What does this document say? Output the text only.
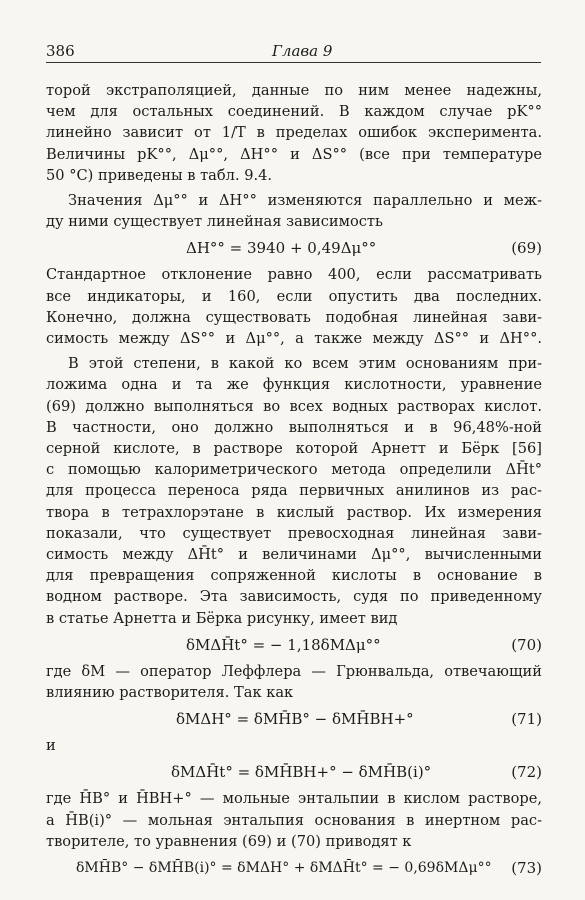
386	Глава 9
торой экстраполяцией, данные по ним менее надежны,
чем для остальных соединений. В каждом случае pK°°
линейно зависит от 1/T в пределах ошибок эксперимента.
Величины pK°°, Δμ°°, ΔH°° и ΔS°° (все при температуре
50 °С) приведены в табл. 9.4.
Значения Δμ°° и ΔH°° изменяются параллельно и меж-
ду ними существует линейная зависимость
ΔH°° = 3940 + 0,49Δμ°°	(69)
Стандартное отклонение равно 400, если рассматривать
все индикаторы, и 160, если опустить два последних.
Конечно, должна существовать подобная линейная зави-
симость между ΔS°° и Δμ°°, а также между ΔS°° и ΔH°°.
В этой степени, в какой ко всем этим основаниям при-
ложима одна и та же функция кислотности, уравнение
(69) должно выполняться во всех водных растворах кислот.
В частности, оно должно выполняться и в 96,48%-ной
серной кислоте, в растворе которой Арнетт и Бёрк [56]
с помощью калориметрического метода определили ΔH̄t°
для процесса переноса ряда первичных анилинов из рас-
твора в тетрахлорэтане в кислый раствор. Их измерения
показали, что существует превосходная линейная зави-
симость между ΔH̄t° и величинами Δμ°°, вычисленными
для превращения сопряженной кислоты в основание в
водном растворе. Эта зависимость, судя по приведенному
в статье Арнетта и Бёрка рисунку, имеет вид
δMΔH̄t° = − 1,18δMΔμ°°	(70)
где δM — оператор Леффлера — Грюнвальда, отвечающий
влиянию растворителя. Так как
δMΔH° = δMH̄B° − δMH̄BH+°	(71)
и
δMΔH̄t° = δMH̄BH+° − δMH̄B(i)°	(72)
где H̄B° и H̄BH+° — мольные энтальпии в кислом растворе,
а H̄B(i)° — мольная энтальпия основания в инертном рас-
творителе, то уравнения (69) и (70) приводят к
δMH̄B° − δMH̄B(i)° = δMΔH° + δMΔH̄t° = − 0,69δMΔμ°° (73)
